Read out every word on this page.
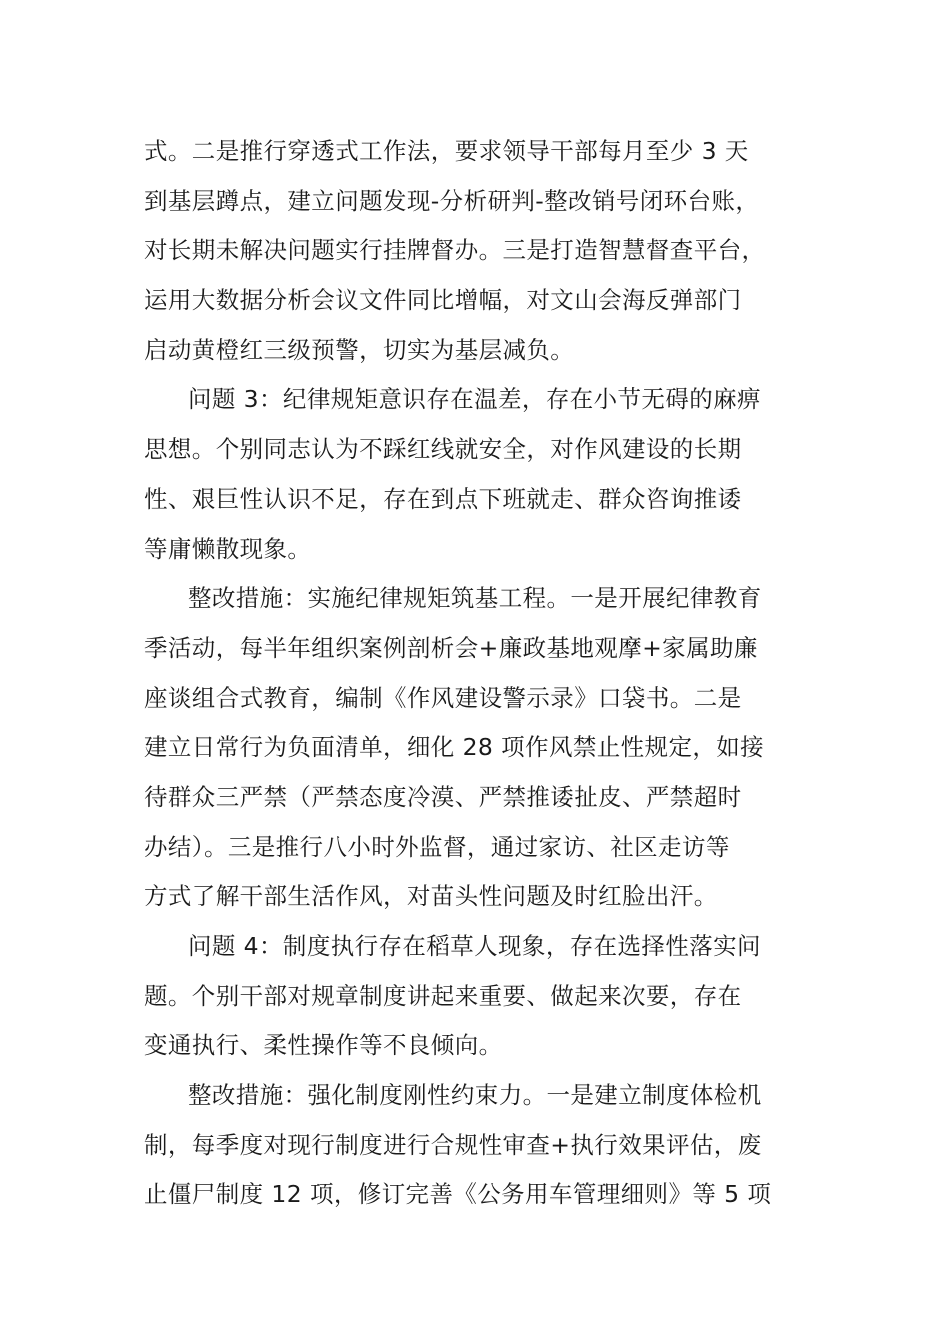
式。二是推行穿透式工作法，要求领导干部每月至少 3 天
到基层蹲点，建立问题发现-分析研判-整改销号闭环台账，
对长期未解决问题实行挂牌督办。三是打造智慧督查平台，
运用大数据分析会议文件同比增幅，对文山会海反弹部门
启动黄橙红三级预警，切实为基层减负。
问题 3：纪律规矩意识存在温差，存在小节无碍的麻痹
思想。个别同志认为不踩红线就安全，对作风建设的长期
性、艰巨性认识不足，存在到点下班就走、群众咨询推诿
等庸懒散现象。
整改措施：实施纪律规矩筑基工程。一是开展纪律教育
季活动，每半年组织案例剖析会+廉政基地观摩+家属助廉
座谈组合式教育，编制《作风建设警示录》口袋书。二是
建立日常行为负面清单，细化 28 项作风禁止性规定，如接
待群众三严禁（严禁态度冷漠、严禁推诿扯皮、严禁超时
办结）。三是推行八小时外监督，通过家访、社区走访等
方式了解干部生活作风，对苗头性问题及时红脸出汗。
问题 4：制度执行存在稻草人现象，存在选择性落实问
题。个别干部对规章制度讲起来重要、做起来次要，存在
变通执行、柔性操作等不良倾向。
整改措施：强化制度刚性约束力。一是建立制度体检机
制，每季度对现行制度进行合规性审查+执行效果评估，废
止僵尸制度 12 项，修订完善《公务用车管理细则》等 5 项
